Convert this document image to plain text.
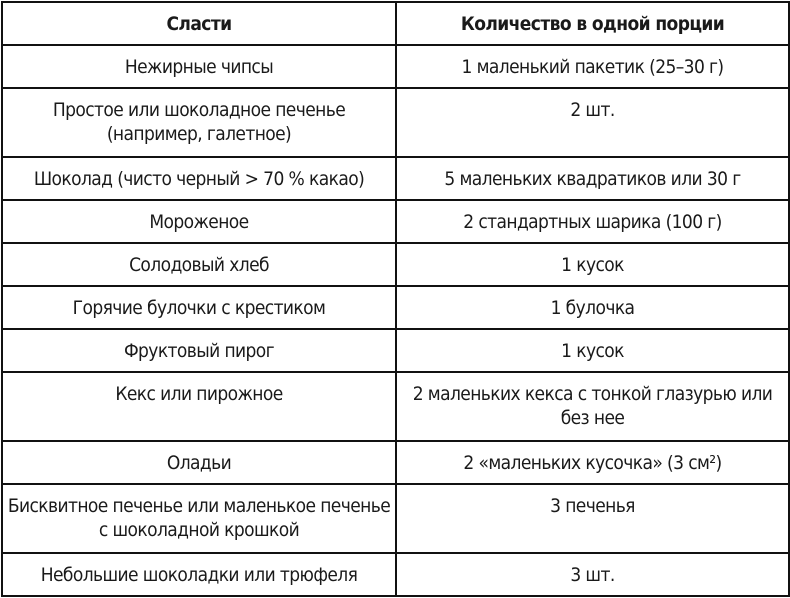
Сласти	Количество в одной порции
Нежирные чипсы	1 маленький пакетик (25–30 г)
Простое или шоколадное печенье (например, галетное)	2 шт.
Шоколад (чисто черный > 70 % какао)	5 маленьких квадратиков или 30 г
Мороженое	2 стандартных шарика (100 г)
Солодовый хлеб	1 кусок
Горячие булочки с крестиком	1 булочка
Фруктовый пирог	1 кусок
Кекс или пирожное	2 маленьких кекса с тонкой глазурью или без нее
Оладьи	2 «маленьких кусочка» (3 см²)
Бисквитное печенье или маленькое печенье с шоколадной крошкой	3 печенья
Небольшие шоколадки или трюфеля	3 шт.
